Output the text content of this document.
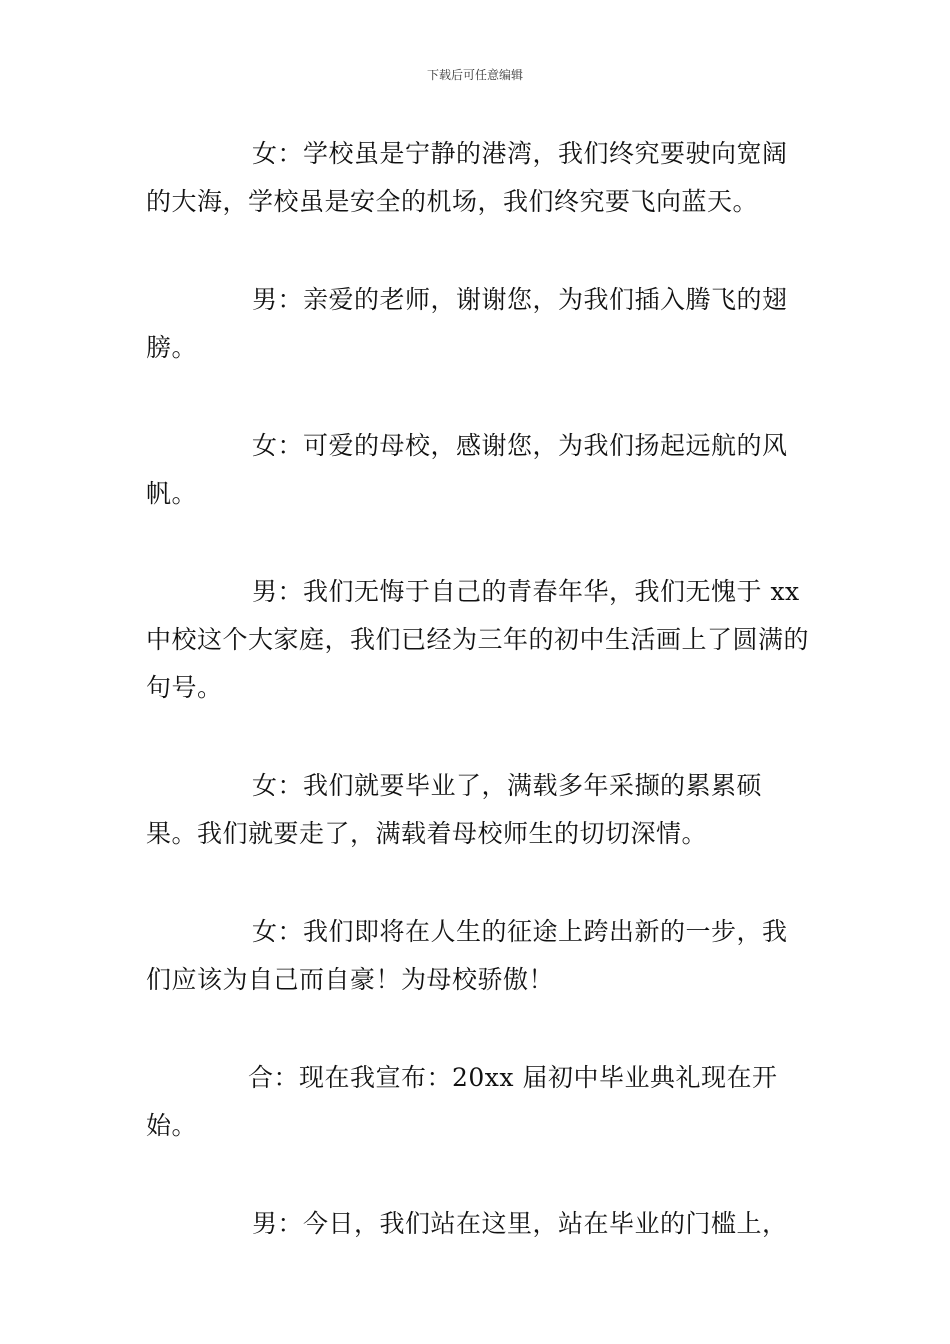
下载后可任意编辑

女：学校虽是宁静的港湾，我们终究要驶向宽阔的大海，学校虽是安全的机场，我们终究要飞向蓝天。

男：亲爱的老师，谢谢您，为我们插入腾飞的翅膀。

女：可爱的母校，感谢您，为我们扬起远航的风帆。

男：我们无悔于自己的青春年华，我们无愧于 xx 中校这个大家庭，我们已经为三年的初中生活画上了圆满的句号。

女：我们就要毕业了，满载多年采撷的累累硕果。我们就要走了，满载着母校师生的切切深情。

女：我们即将在人生的征途上跨出新的一步，我们应该为自己而自豪！为母校骄傲！

合：现在我宣布：20xx 届初中毕业典礼现在开始。

男：今日，我们站在这里，站在毕业的门槛上，
